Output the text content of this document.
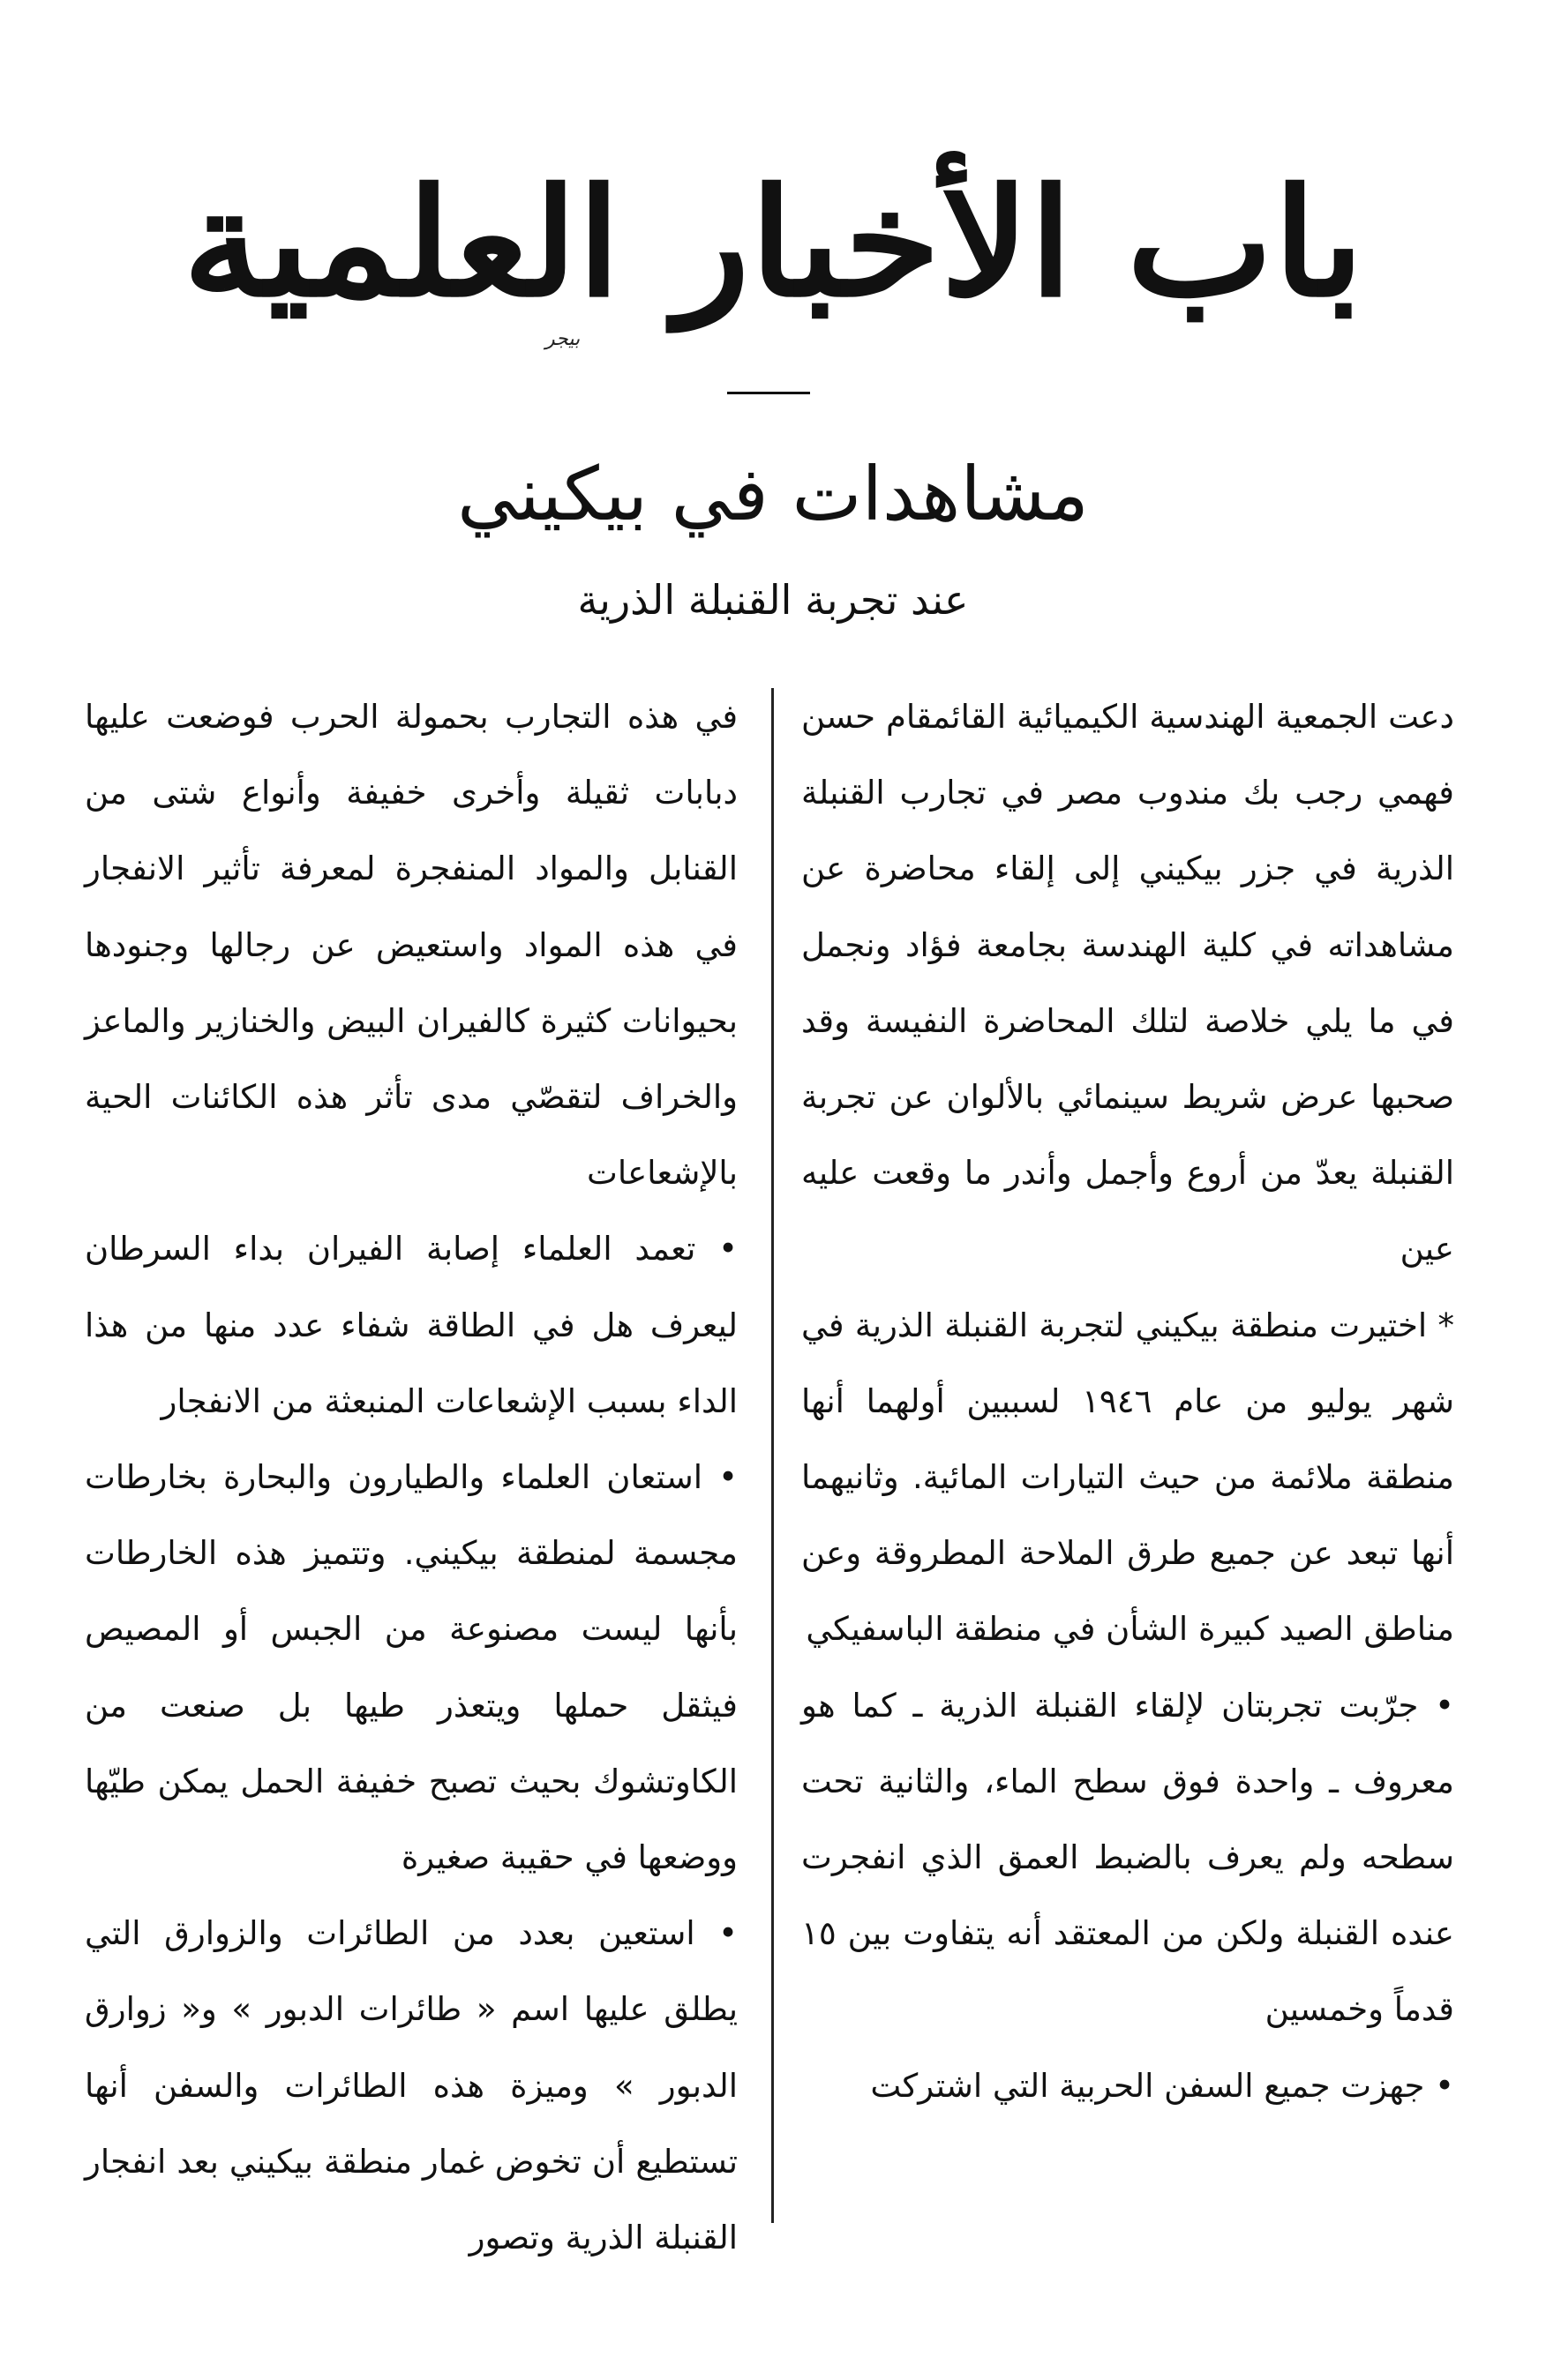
باب الأخبار العلمية
بيجر
مشاهدات في بيكيني
عند تجربة القنبلة الذرية

دعت الجمعية الهندسية الكيميائية القائمقام حسن فهمي رجب بك مندوب مصر في تجارب القنبلة الذرية في جزر بيكيني إلى إلقاء محاضرة عن مشاهداته في كلية الهندسة بجامعة فؤاد ونجمل في ما يلي خلاصة لتلك المحاضرة النفيسة وقد صحبها عرض شريط سينمائي بالألوان عن تجربة القنبلة يعدّ من أروع وأجمل وأندر ما وقعت عليه عين

* اختيرت منطقة بيكيني لتجربة القنبلة الذرية في شهر يوليو من عام ١٩٤٦ لسببين أولهما أنها منطقة ملائمة من حيث التيارات المائية. وثانيهما أنها تبعد عن جميع طرق الملاحة المطروقة وعن مناطق الصيد كبيرة الشأن في منطقة الباسفيكي

• جرّبت تجربتان لإلقاء القنبلة الذرية ـ كما هو معروف ـ واحدة فوق سطح الماء، والثانية تحت سطحه ولم يعرف بالضبط العمق الذي انفجرت عنده القنبلة ولكن من المعتقد أنه يتفاوت بين ١٥ قدماً وخمسين

• جهزت جميع السفن الحربية التي اشتركت

في هذه التجارب بحمولة الحرب فوضعت عليها دبابات ثقيلة وأخرى خفيفة وأنواع شتى من القنابل والمواد المنفجرة لمعرفة تأثير الانفجار في هذه المواد واستعيض عن رجالها وجنودها بحيوانات كثيرة كالفيران البيض والخنازير والماعز والخراف لتقصّي مدى تأثر هذه الكائنات الحية بالإشعاعات

• تعمد العلماء إصابة الفيران بداء السرطان ليعرف هل في الطاقة شفاء عدد منها من هذا الداء بسبب الإشعاعات المنبعثة من الانفجار

• استعان العلماء والطيارون والبحارة بخارطات مجسمة لمنطقة بيكيني. وتتميز هذه الخارطات بأنها ليست مصنوعة من الجبس أو المصيص فيثقل حملها ويتعذر طيها بل صنعت من الكاوتشوك بحيث تصبح خفيفة الحمل يمكن طيّها ووضعها في حقيبة صغيرة

• استعين بعدد من الطائرات والزوارق التي يطلق عليها اسم « طائرات الدبور » و« زوارق الدبور » وميزة هذه الطائرات والسفن أنها تستطيع أن تخوض غمار منطقة بيكيني بعد انفجار القنبلة الذرية وتصور
